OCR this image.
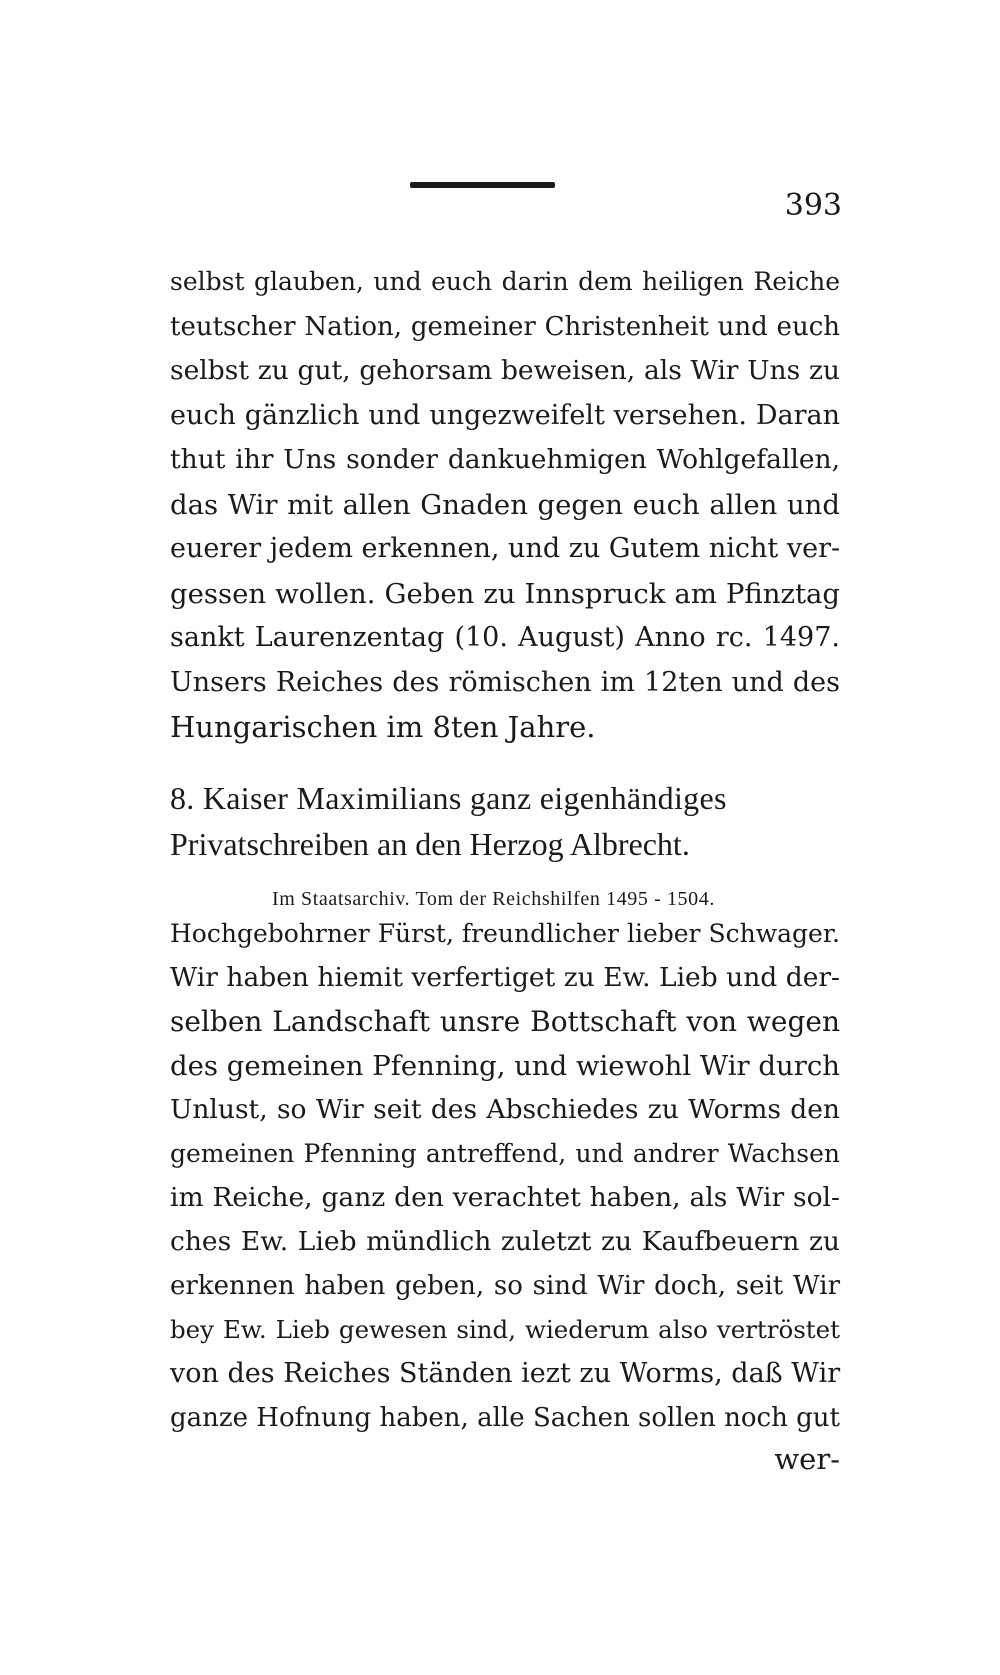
393
selbst glauben, und euch darin dem heiligen Reiche
teutscher Nation, gemeiner Christenheit und euch
selbst zu gut, gehorsam beweisen, als Wir Uns zu
euch gänzlich und ungezweifelt versehen. Daran
thut ihr Uns sonder dankuehmigen Wohlgefallen,
das Wir mit allen Gnaden gegen euch allen und
euerer jedem erkennen, und zu Gutem nicht ver-
gessen wollen. Geben zu Innspruck am Pfinztag
sankt Laurenzentag (10. August) Anno rc. 1497.
Unsers Reiches des römischen im 12ten und des
Hungarischen im 8ten Jahre.
8. Kaiser Maximilians ganz eigenhändiges
Privatschreiben an den Herzog Albrecht.
Im Staatsarchiv. Tom der Reichshilfen 1495 - 1504.
Hochgebohrner Fürst, freundlicher lieber Schwager.
Wir haben hiemit verfertiget zu Ew. Lieb und der-
selben Landschaft unsre Bottschaft von wegen
des gemeinen Pfenning, und wiewohl Wir durch
Unlust, so Wir seit des Abschiedes zu Worms den
gemeinen Pfenning antreffend, und andrer Wachsen
im Reiche, ganz den verachtet haben, als Wir sol-
ches Ew. Lieb mündlich zuletzt zu Kaufbeuern zu
erkennen haben geben, so sind Wir doch, seit Wir
bey Ew. Lieb gewesen sind, wiederum also vertröstet
von des Reiches Ständen iezt zu Worms, daß Wir
ganze Hofnung haben, alle Sachen sollen noch gut
wer-
